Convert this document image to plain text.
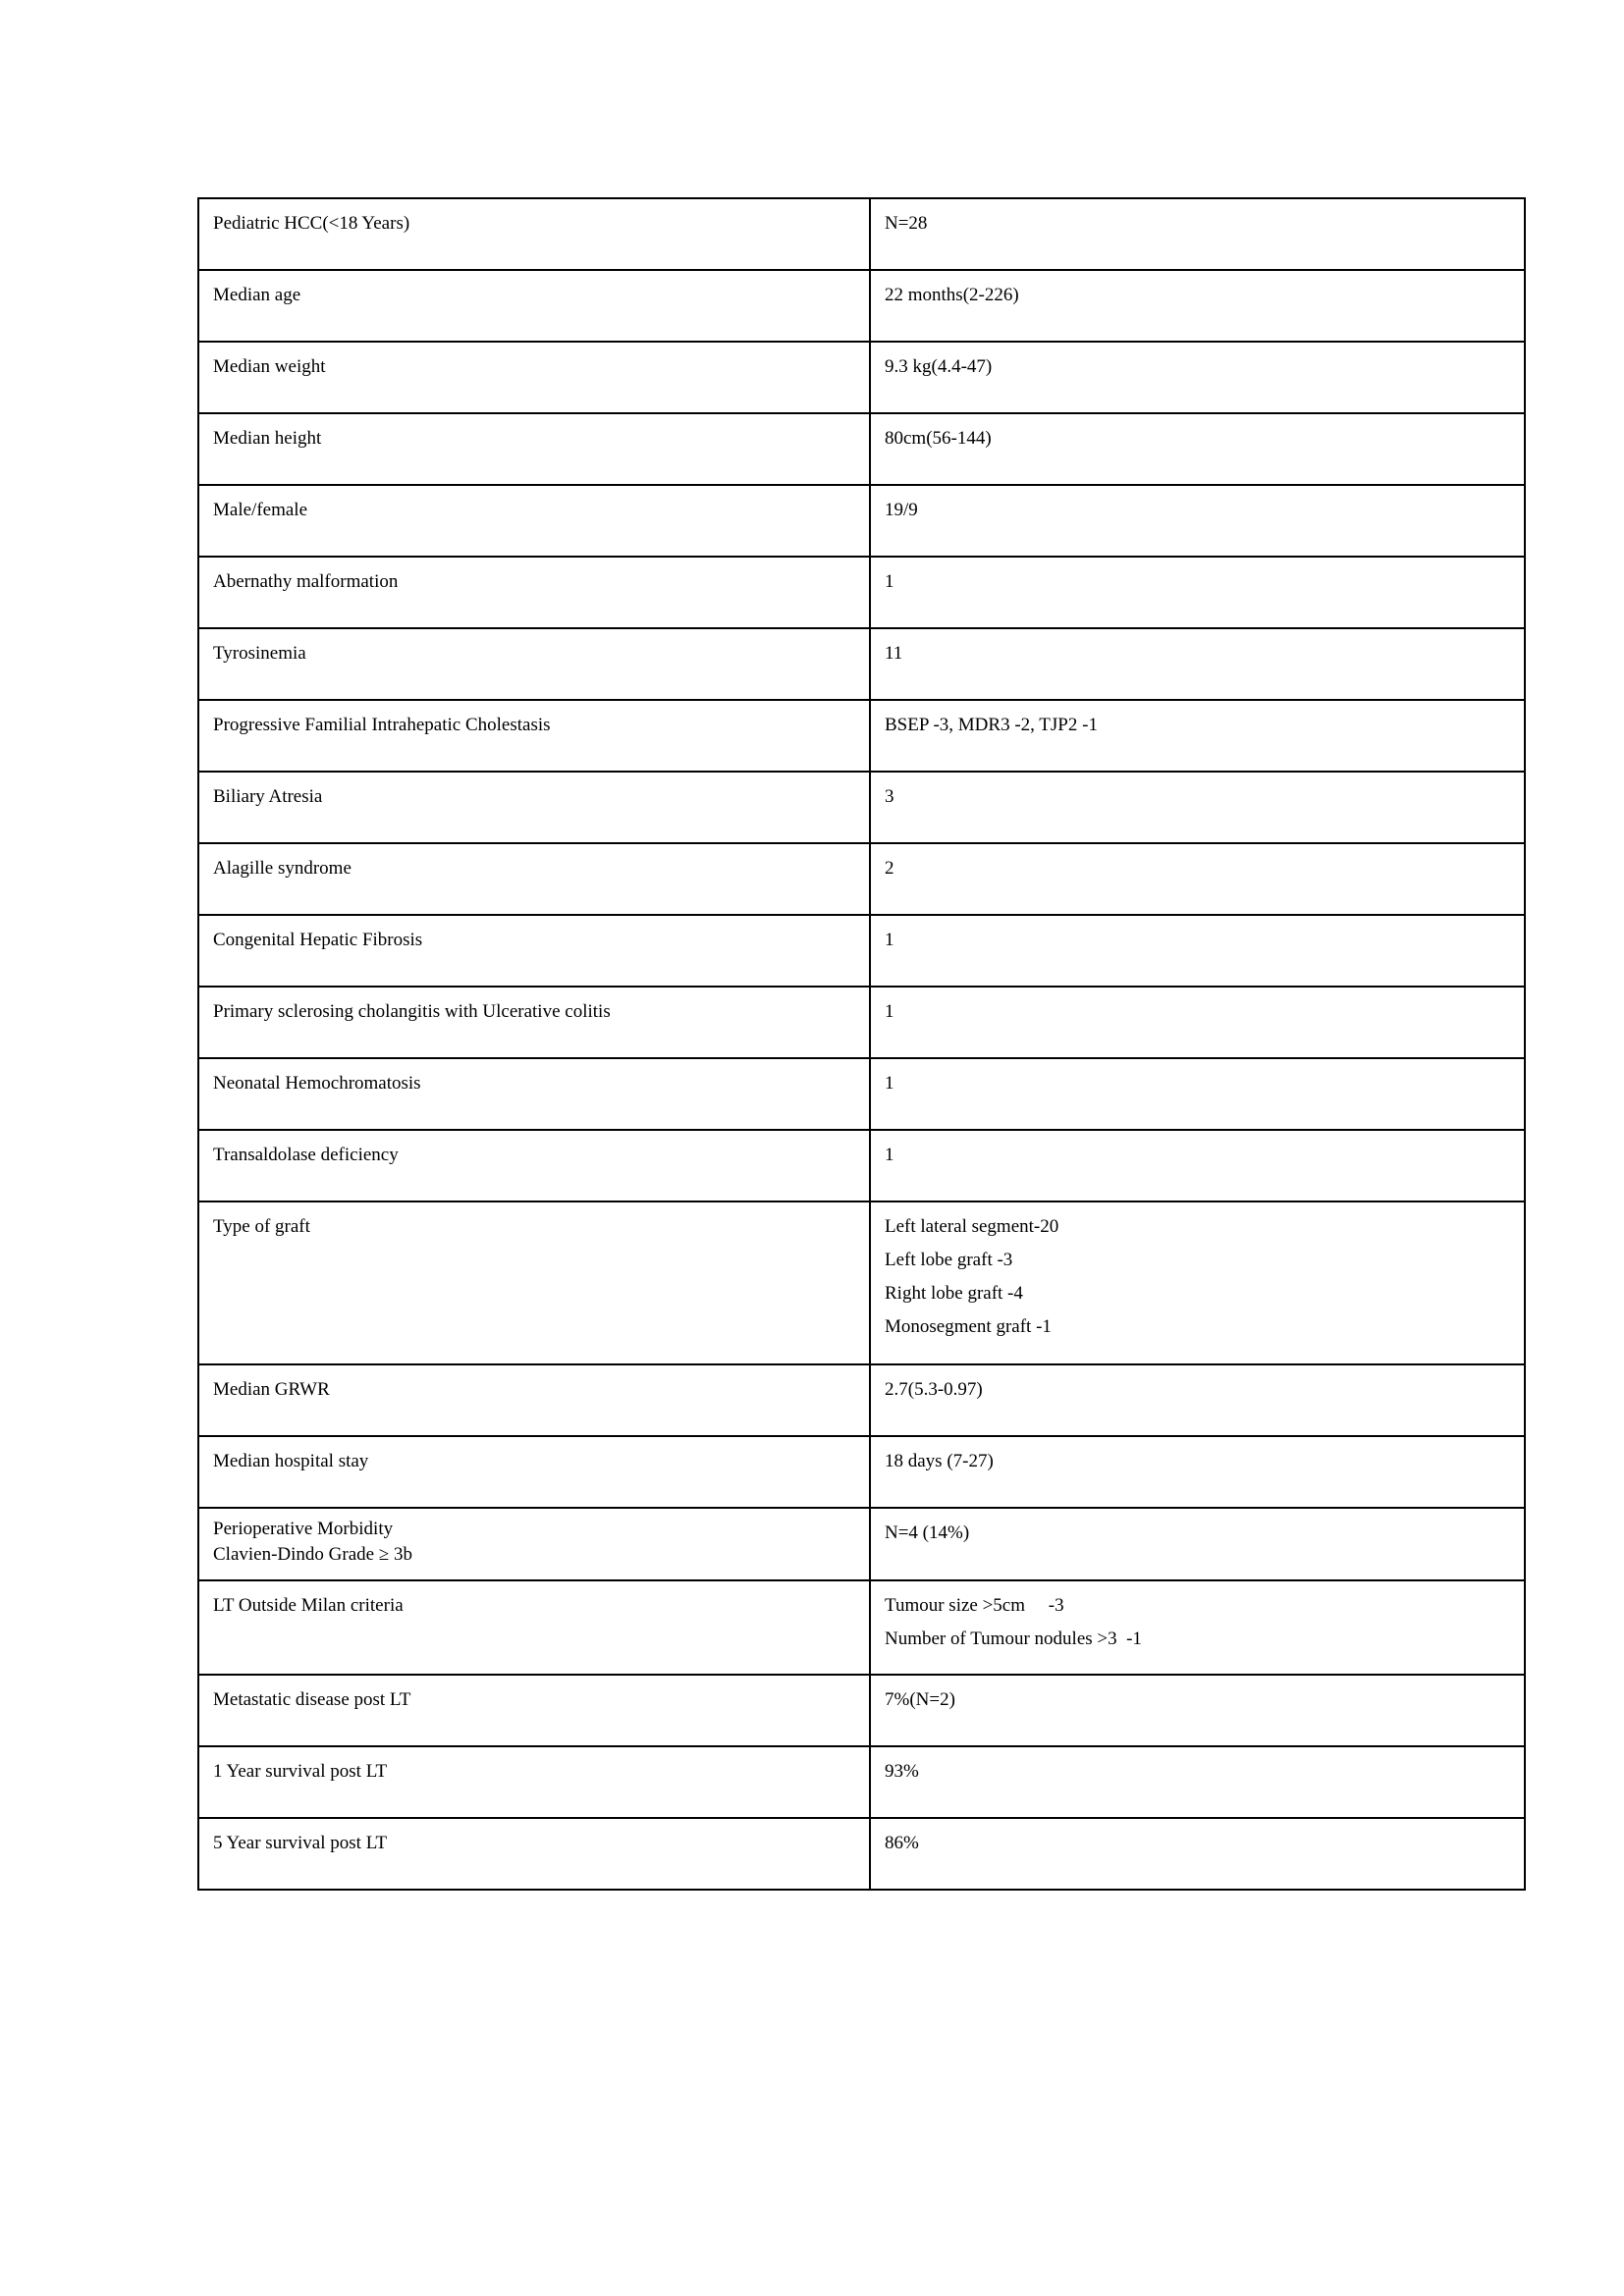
Pediatric HCC(<18 Years)	N=28

Median age	22 months(2-226)

Median weight	9.3 kg(4.4-47)

Median height	80cm(56-144)

Male/female	19/9

Abernathy malformation	1

Tyrosinemia	11

Progressive Familial Intrahepatic Cholestasis	BSEP -3, MDR3 -2, TJP2 -1

Biliary Atresia	3

Alagille syndrome	2

Congenital Hepatic Fibrosis	1

Primary sclerosing cholangitis with Ulcerative colitis	1

Neonatal Hemochromatosis	1

Transaldolase deficiency	1

Type of graft	Left lateral segment-20
Left lobe graft -3
Right lobe graft -4
Monosegment graft -1

Median GRWR	2.7(5.3-0.97)

Median hospital stay	18 days (7-27)

Perioperative Morbidity
Clavien-Dindo Grade ≥ 3b	N=4 (14%)

LT Outside Milan criteria	Tumour size >5cm     -3
Number of Tumour nodules >3  -1

Metastatic disease post LT	7%(N=2)

1 Year survival post LT	93%

5 Year survival post LT	86%
